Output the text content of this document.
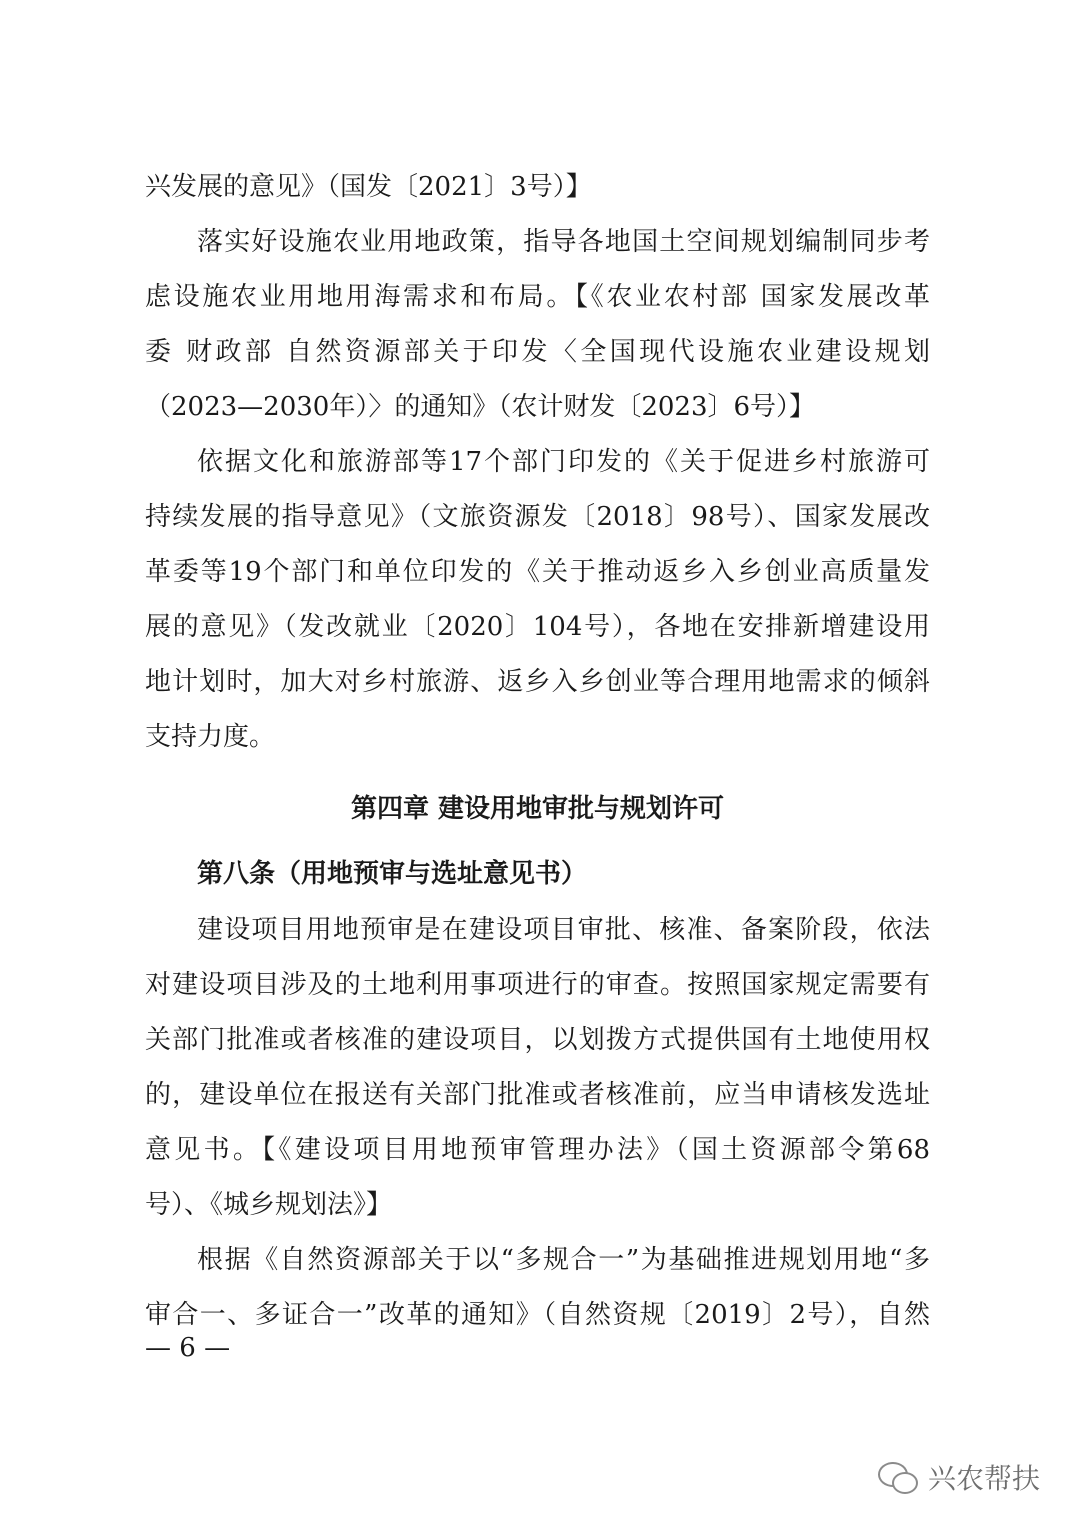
兴发展的意见》（国发〔2021〕3号）】
落实好设施农业用地政策，指导各地国土空间规划编制同步考
虑设施农业用地用海需求和布局。【《农业农村部 国家发展改革
委 财政部 自然资源部关于印发〈全国现代设施农业建设规划
（2023—2030年）〉的通知》（农计财发〔2023〕6号）】
依据文化和旅游部等17个部门印发的《关于促进乡村旅游可
持续发展的指导意见》（文旅资源发〔2018〕98号）、国家发展改
革委等19个部门和单位印发的《关于推动返乡入乡创业高质量发
展的意见》（发改就业〔2020〕104号），各地在安排新增建设用
地计划时，加大对乡村旅游、返乡入乡创业等合理用地需求的倾斜
支持力度。
第四章 建设用地审批与规划许可
第八条（用地预审与选址意见书）
建设项目用地预审是在建设项目审批、核准、备案阶段，依法
对建设项目涉及的土地利用事项进行的审查。按照国家规定需要有
关部门批准或者核准的建设项目，以划拨方式提供国有土地使用权
的，建设单位在报送有关部门批准或者核准前，应当申请核发选址
意见书。【《建设项目用地预审管理办法》（国土资源部令第68
号）、《城乡规划法》】
根据《自然资源部关于以“多规合一”为基础推进规划用地“多
审合一、多证合一”改革的通知》（自然资规〔2019〕2号），自然
— 6 —
兴农帮扶
